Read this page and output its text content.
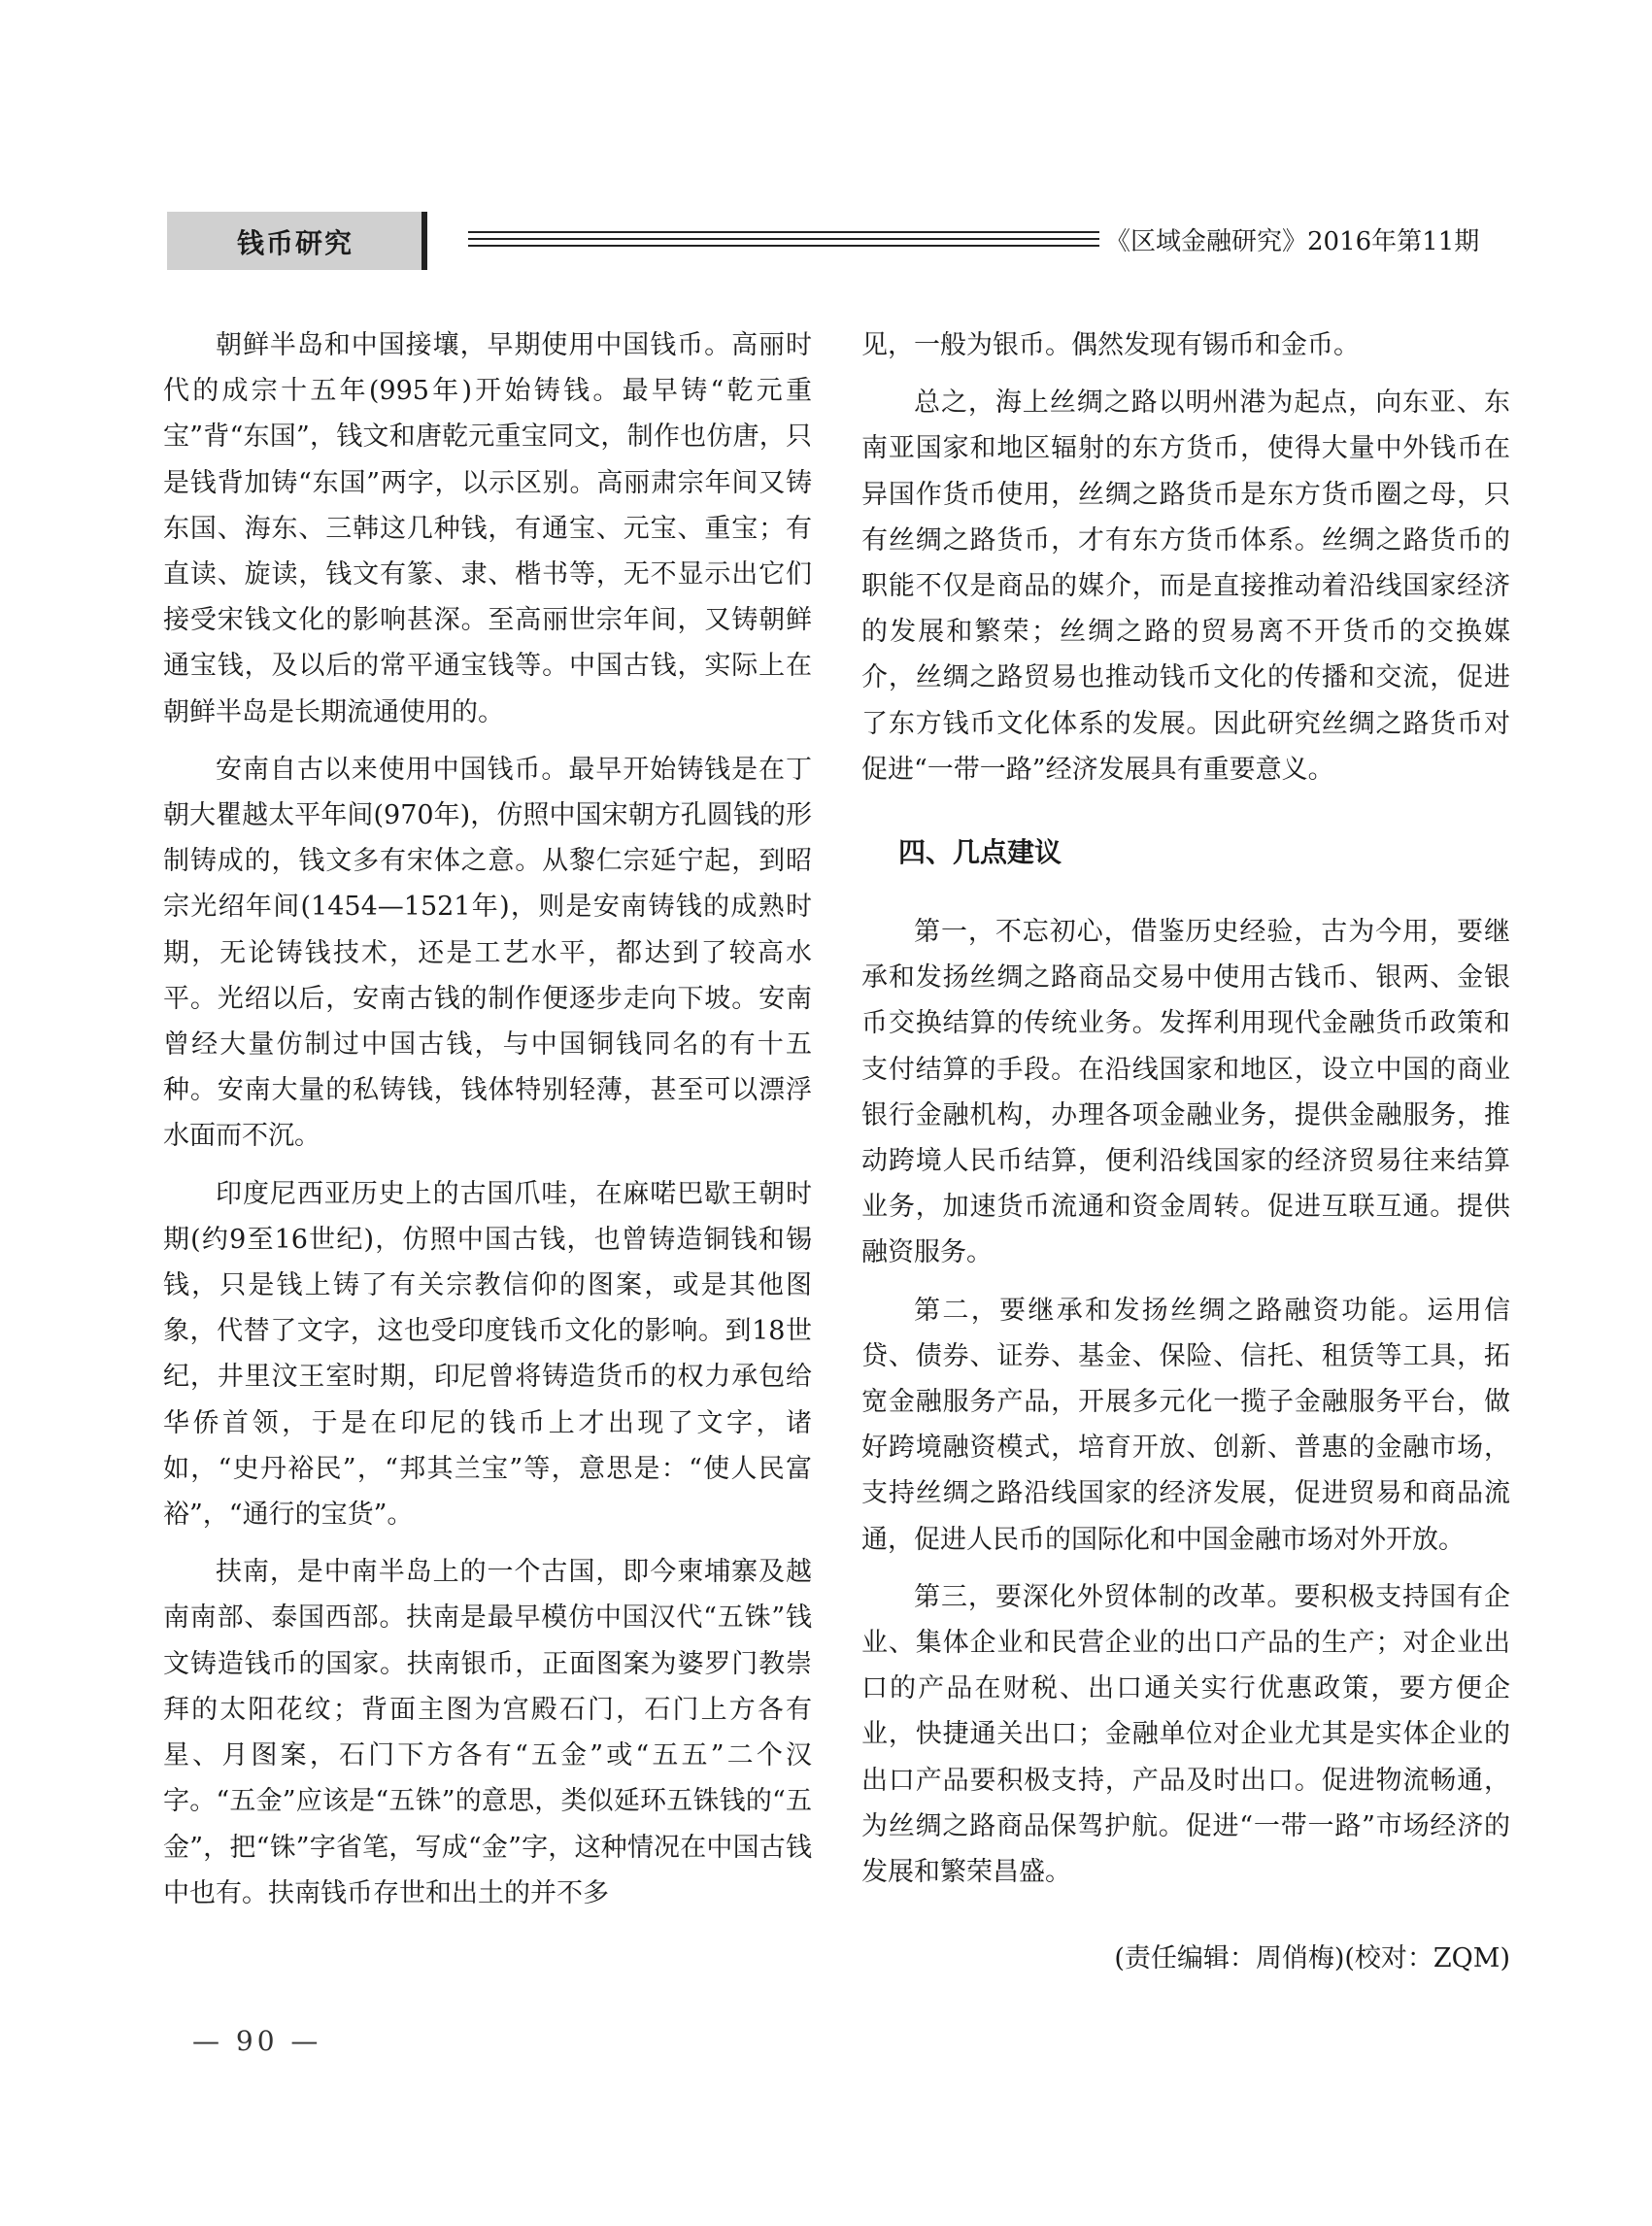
钱币研究	《区域金融研究》2016年第11期

朝鲜半岛和中国接壤，早期使用中国钱币。高丽时代的成宗十五年(995年)开始铸钱。最早铸“乾元重宝”背“东国”，钱文和唐乾元重宝同文，制作也仿唐，只是钱背加铸“东国”两字，以示区别。高丽肃宗年间又铸东国、海东、三韩这几种钱，有通宝、元宝、重宝；有直读、旋读，钱文有篆、隶、楷书等，无不显示出它们接受宋钱文化的影响甚深。至高丽世宗年间，又铸朝鲜通宝钱，及以后的常平通宝钱等。中国古钱，实际上在朝鲜半岛是长期流通使用的。

安南自古以来使用中国钱币。最早开始铸钱是在丁朝大瞿越太平年间(970年)，仿照中国宋朝方孔圆钱的形制铸成的，钱文多有宋体之意。从黎仁宗延宁起，到昭宗光绍年间(1454—1521年)，则是安南铸钱的成熟时期，无论铸钱技术，还是工艺水平，都达到了较高水平。光绍以后，安南古钱的制作便逐步走向下坡。安南曾经大量仿制过中国古钱，与中国铜钱同名的有十五种。安南大量的私铸钱，钱体特别轻薄，甚至可以漂浮水面而不沉。

印度尼西亚历史上的古国爪哇，在麻喏巴歇王朝时期(约9至16世纪)，仿照中国古钱，也曾铸造铜钱和锡钱，只是钱上铸了有关宗教信仰的图案，或是其他图象，代替了文字，这也受印度钱币文化的影响。到18世纪，井里汶王室时期，印尼曾将铸造货币的权力承包给华侨首领，于是在印尼的钱币上才出现了文字，诸如，“史丹裕民”，“邦其兰宝”等，意思是：“使人民富裕”，“通行的宝货”。

扶南，是中南半岛上的一个古国，即今柬埔寨及越南南部、泰国西部。扶南是最早模仿中国汉代“五铢”钱文铸造钱币的国家。扶南银币，正面图案为婆罗门教崇拜的太阳花纹；背面主图为宫殿石门，石门上方各有星、月图案，石门下方各有“五金”或“五五”二个汉字。“五金”应该是“五铢”的意思，类似延环五铢钱的“五金”，把“铢”字省笔，写成“金”字，这种情况在中国古钱中也有。扶南钱币存世和出土的并不多

见，一般为银币。偶然发现有锡币和金币。

总之，海上丝绸之路以明州港为起点，向东亚、东南亚国家和地区辐射的东方货币，使得大量中外钱币在异国作货币使用，丝绸之路货币是东方货币圈之母，只有丝绸之路货币，才有东方货币体系。丝绸之路货币的职能不仅是商品的媒介，而是直接推动着沿线国家经济的发展和繁荣；丝绸之路的贸易离不开货币的交换媒介，丝绸之路贸易也推动钱币文化的传播和交流，促进了东方钱币文化体系的发展。因此研究丝绸之路货币对促进“一带一路”经济发展具有重要意义。

四、几点建议

第一，不忘初心，借鉴历史经验，古为今用，要继承和发扬丝绸之路商品交易中使用古钱币、银两、金银币交换结算的传统业务。发挥利用现代金融货币政策和支付结算的手段。在沿线国家和地区，设立中国的商业银行金融机构，办理各项金融业务，提供金融服务，推动跨境人民币结算，便利沿线国家的经济贸易往来结算业务，加速货币流通和资金周转。促进互联互通。提供融资服务。

第二，要继承和发扬丝绸之路融资功能。运用信贷、债券、证券、基金、保险、信托、租赁等工具，拓宽金融服务产品，开展多元化一揽子金融服务平台，做好跨境融资模式，培育开放、创新、普惠的金融市场，支持丝绸之路沿线国家的经济发展，促进贸易和商品流通，促进人民币的国际化和中国金融市场对外开放。

第三，要深化外贸体制的改革。要积极支持国有企业、集体企业和民营企业的出口产品的生产；对企业出口的产品在财税、出口通关实行优惠政策，要方便企业，快捷通关出口；金融单位对企业尤其是实体企业的出口产品要积极支持，产品及时出口。促进物流畅通，为丝绸之路商品保驾护航。促进“一带一路”市场经济的发展和繁荣昌盛。

(责任编辑：周俏梅)(校对：ZQM)
— 90 —
